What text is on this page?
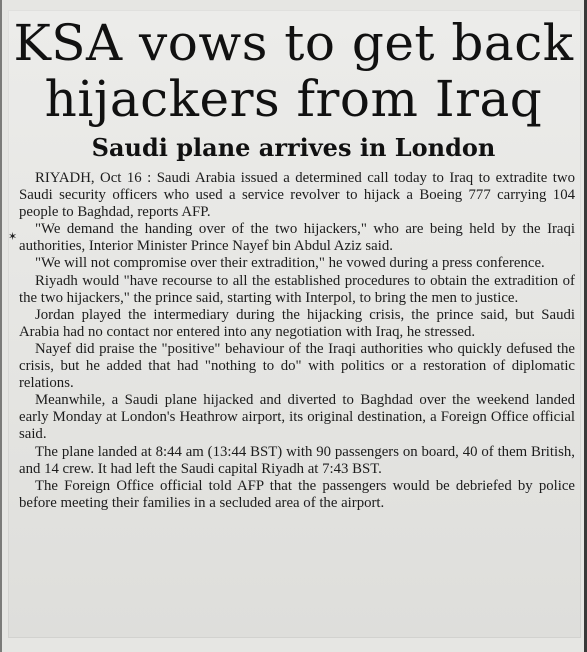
KSA vows to get back
hijackers from Iraq
Saudi plane arrives in London
✶

RIYADH, Oct 16 : Saudi Arabia issued a determined call today to Iraq to extradite two Saudi security officers who used a service revolver to hijack a Boeing 777 carrying 104 people to Baghdad, reports AFP.

"We demand the handing over of the two hijackers," who are being held by the Iraqi authorities, Interior Minister Prince Nayef bin Abdul Aziz said.

"We will not compromise over their extradition," he vowed during a press conference.

Riyadh would "have recourse to all the established procedures to obtain the extradition of the two hijackers," the prince said, starting with Interpol, to bring the men to justice.

Jordan played the intermediary during the hijacking crisis, the prince said, but Saudi Arabia had no contact nor entered into any negotiation with Iraq, he stressed.

Nayef did praise the "positive" behaviour of the Iraqi authorities who quickly defused the crisis, but he added that had "nothing to do" with politics or a restoration of diplomatic relations.

Meanwhile, a Saudi plane hijacked and diverted to Baghdad over the weekend landed early Monday at London's Heathrow airport, its original destination, a Foreign Office official said.

The plane landed at 8:44 am (13:44 BST) with 90 passengers on board, 40 of them British, and 14 crew. It had left the Saudi capital Riyadh at 7:43 BST.

The Foreign Office official told AFP that the passengers would be debriefed by police before meeting their families in a secluded area of the airport.
